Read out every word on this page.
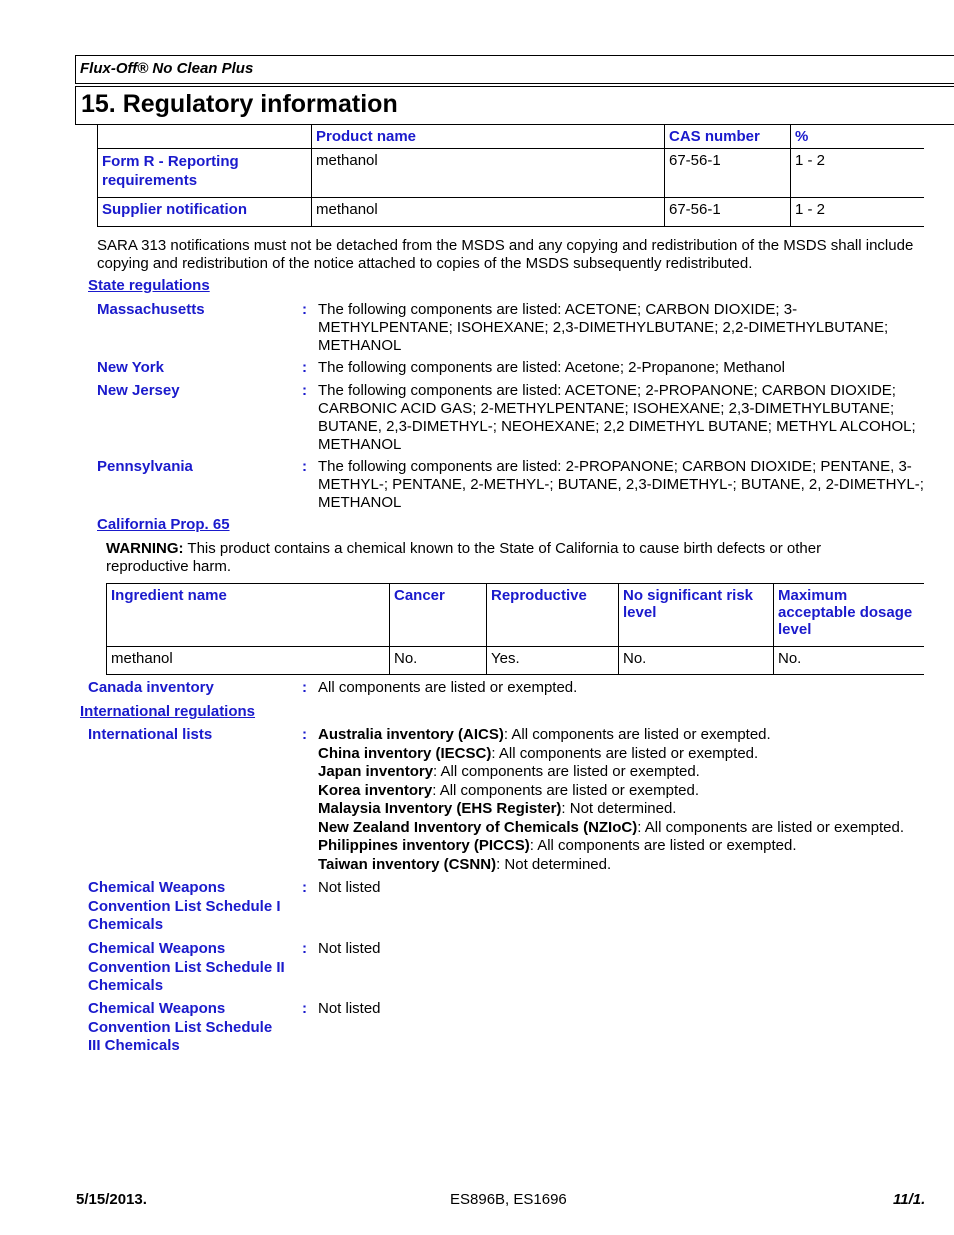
Flux-Off® No Clean Plus
15. Regulatory information
	Product name	CAS number	%
Form R - Reporting requirements	methanol	67-56-1	1 - 2
Supplier notification	methanol	67-56-1	1 - 2
SARA 313 notifications must not be detached from the MSDS and any copying and redistribution of the MSDS shall include copying and redistribution of the notice attached to copies of the MSDS subsequently redistributed.
State regulations
Massachusetts	: The following components are listed: ACETONE; CARBON DIOXIDE; 3-METHYLPENTANE; ISOHEXANE; 2,3-DIMETHYLBUTANE; 2,2-DIMETHYLBUTANE; METHANOL
New York	: The following components are listed: Acetone; 2-Propanone; Methanol
New Jersey	: The following components are listed: ACETONE; 2-PROPANONE; CARBON DIOXIDE; CARBONIC ACID GAS; 2-METHYLPENTANE; ISOHEXANE; 2,3-DIMETHYLBUTANE; BUTANE, 2,3-DIMETHYL-; NEOHEXANE; 2,2 DIMETHYL BUTANE; METHYL ALCOHOL; METHANOL
Pennsylvania	: The following components are listed: 2-PROPANONE; CARBON DIOXIDE; PENTANE, 3-METHYL-; PENTANE, 2-METHYL-; BUTANE, 2,3-DIMETHYL-; BUTANE, 2, 2-DIMETHYL-; METHANOL
California Prop. 65
WARNING: This product contains a chemical known to the State of California to cause birth defects or other reproductive harm.
Ingredient name	Cancer	Reproductive	No significant risk level	Maximum acceptable dosage level
methanol	No.	Yes.	No.	No.
Canada inventory	: All components are listed or exempted.
International regulations
International lists	: Australia inventory (AICS): All components are listed or exempted.
China inventory (IECSC): All components are listed or exempted.
Japan inventory: All components are listed or exempted.
Korea inventory: All components are listed or exempted.
Malaysia Inventory (EHS Register): Not determined.
New Zealand Inventory of Chemicals (NZIoC): All components are listed or exempted.
Philippines inventory (PICCS): All components are listed or exempted.
Taiwan inventory (CSNN): Not determined.
Chemical Weapons Convention List Schedule I Chemicals
: Not listed
Chemical Weapons Convention List Schedule II Chemicals
: Not listed
Chemical Weapons Convention List Schedule III Chemicals
: Not listed
5/15/2013.	ES896B, ES1696	11/1.
